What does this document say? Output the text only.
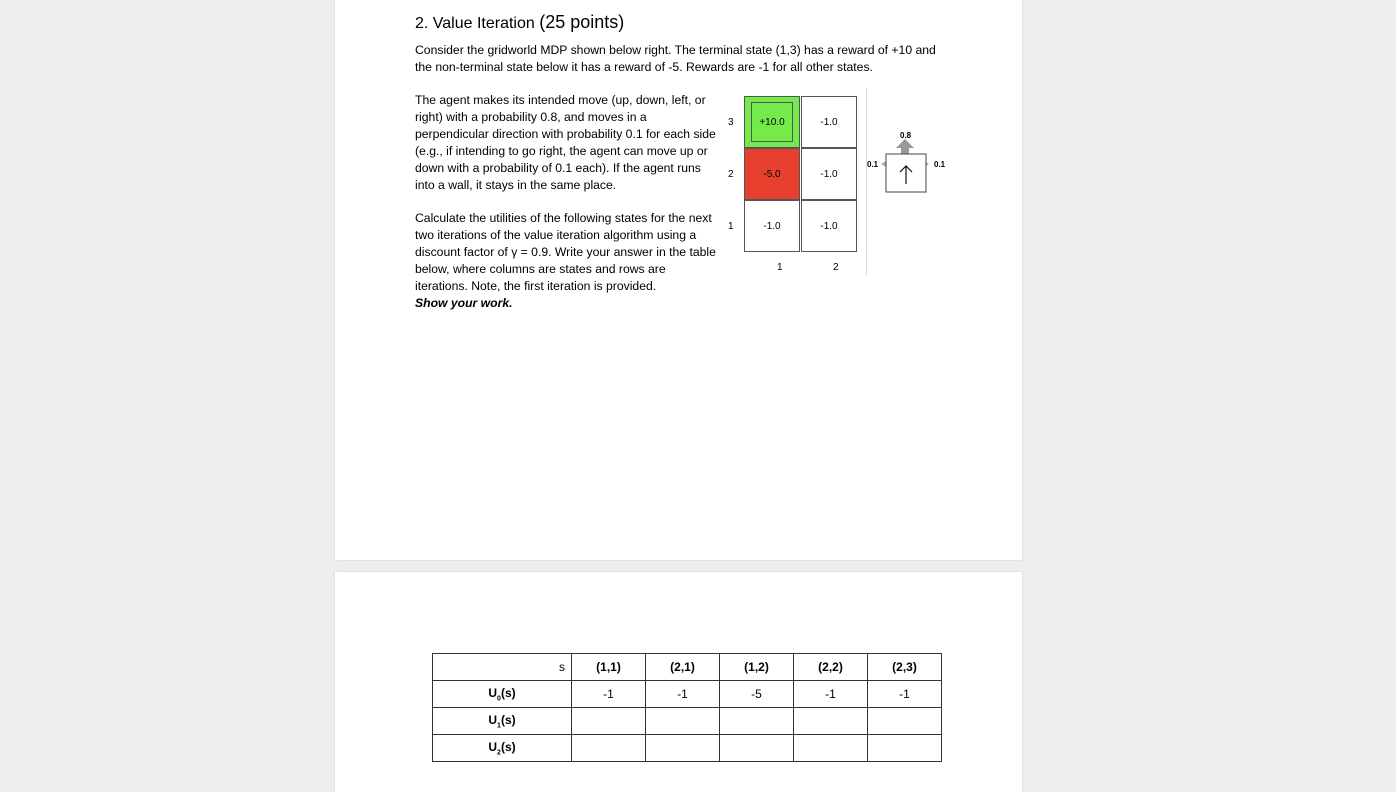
2. Value Iteration (25 points)
Consider the gridworld MDP shown below right. The terminal state (1,3) has a reward of +10 and the non-terminal state below it has a reward of -5. Rewards are -1 for all other states.
The agent makes its intended move (up, down, left, or right) with a probability 0.8, and moves in a perpendicular direction with probability 0.1 for each side (e.g., if intending to go right, the agent can move up or down with a probability of 0.1 each). If the agent runs into a wall, it stays in the same place.
Calculate the utilities of the following states for the next two iterations of the value iteration algorithm using a discount factor of γ = 0.9. Write your answer in the table below, where columns are states and rows are iterations. Note, the first iteration is provided.
Show your work.
3
2
1
+10.0	-1.0
-5.0	-1.0
-1.0	-1.0
1	2
0.8
0.1	0.1
s	(1,1)	(2,1)	(1,2)	(2,2)	(2,3)
$U_0(s)$	-1	-1	-5	-1	-1
$U_1(s)$					
$U_2(s)$					
